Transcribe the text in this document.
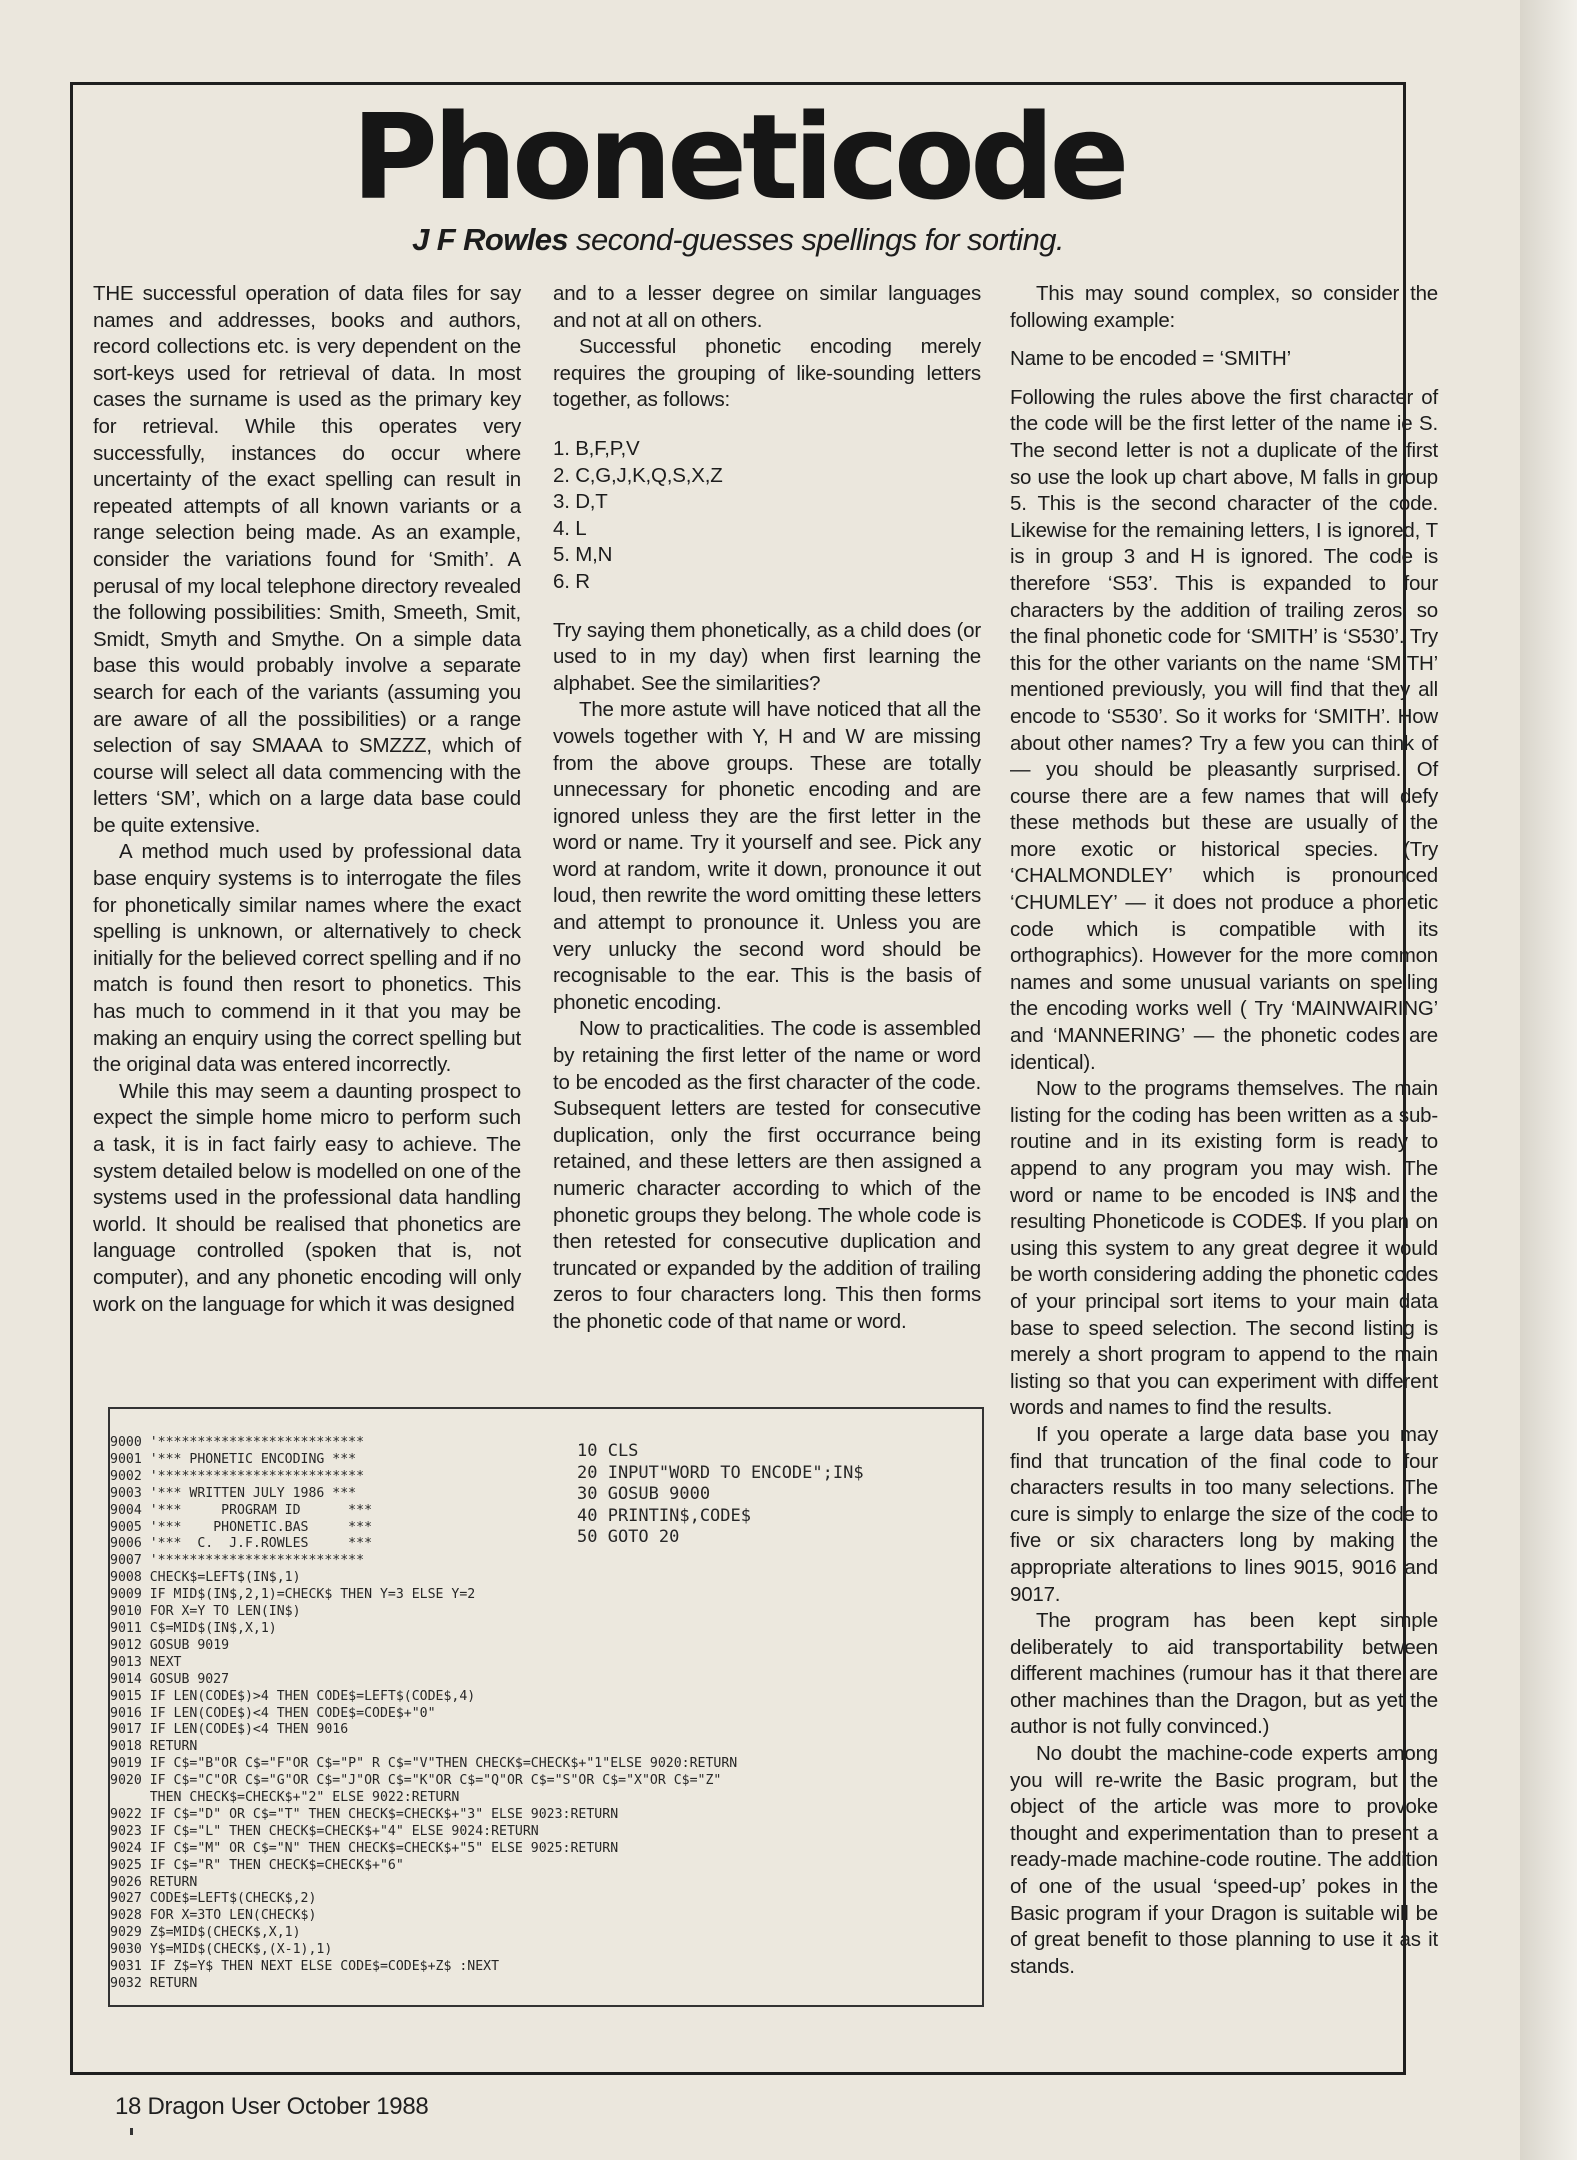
Phoneticode

J F Rowles second-guesses spellings for sorting.

THE successful operation of data files for say names and addresses, books and authors, record collections etc. is very dependent on the sort-keys used for retrieval of data. In most cases the surname is used as the primary key for retrieval. While this operates very successfully, instances do occur where uncertainty of the exact spelling can result in repeated attempts of all known variants or a range selection being made. As an example, consider the variations found for ‘Smith’. A perusal of my local telephone directory revealed the following possibilities: Smith, Smeeth, Smit, Smidt, Smyth and Smythe. On a simple data base this would probably involve a separate search for each of the variants (assuming you are aware of all the possibilities) or a range selection of say SMAAA to SMZZZ, which of course will select all data commencing with the letters ‘SM’, which on a large data base could be quite extensive.

A method much used by professional data base enquiry systems is to interrogate the files for phonetically similar names where the exact spelling is unknown, or alternatively to check initially for the believed correct spelling and if no match is found then resort to phonetics. This has much to commend in it that you may be making an enquiry using the correct spelling but the original data was entered incorrectly.

While this may seem a daunting prospect to expect the simple home micro to perform such a task, it is in fact fairly easy to achieve. The system detailed below is modelled on one of the systems used in the professional data handling world. It should be realised that phonetics are language controlled (spoken that is, not computer), and any phonetic encoding will only work on the language for which it was designed

and to a lesser degree on similar languages and not at all on others.

Successful phonetic encoding merely requires the grouping of like-sounding letters together, as follows:

1. B,F,P,V
2. C,G,J,K,Q,S,X,Z
3. D,T
4. L
5. M,N
6. R

Try saying them phonetically, as a child does (or used to in my day) when first learning the alphabet. See the similarities?

The more astute will have noticed that all the vowels together with Y, H and W are missing from the above groups. These are totally unnecessary for phonetic encoding and are ignored unless they are the first letter in the word or name. Try it yourself and see. Pick any word at random, write it down, pronounce it out loud, then rewrite the word omitting these letters and attempt to pronounce it. Unless you are very unlucky the second word should be recognisable to the ear. This is the basis of phonetic encoding.

Now to practicalities. The code is assembled by retaining the first letter of the name or word to be encoded as the first character of the code. Subsequent letters are tested for consecutive duplication, only the first occurrance being retained, and these letters are then assigned a numeric character according to which of the phonetic groups they belong. The whole code is then retested for consecutive duplication and truncated or expanded by the addition of trailing zeros to four characters long. This then forms the phonetic code of that name or word.

This may sound complex, so consider the following example:

Name to be encoded = ‘SMITH’

Following the rules above the first character of the code will be the first letter of the name ie S. The second letter is not a duplicate of the first so use the look up chart above, M falls in group 5. This is the second character of the code. Likewise for the remaining letters, I is ignored, T is in group 3 and H is ignored. The code is therefore ‘S53’. This is expanded to four characters by the addition of trailing zeros, so the final phonetic code for ‘SMITH’ is ‘S530’. Try this for the other variants on the name ‘SMITH’ mentioned previously, you will find that they all encode to ‘S530’. So it works for ‘SMITH’. How about other names? Try a few you can think of — you should be pleasantly surprised. Of course there are a few names that will defy these methods but these are usually of the more exotic or historical species. (Try ‘CHALMONDLEY’ which is pronounced ‘CHUMLEY’ — it does not produce a phonetic code which is compatible with its orthographics). However for the more common names and some unusual variants on spelling the encoding works well ( Try ‘MAINWAIRING’ and ‘MANNERING’ — the phonetic codes are identical).

Now to the programs themselves. The main listing for the coding has been written as a sub-routine and in its existing form is ready to append to any program you may wish. The word or name to be encoded is IN$ and the resulting Phoneticode is CODE$. If you plan on using this system to any great degree it would be worth considering adding the phonetic codes of your principal sort items to your main data base to speed selection. The second listing is merely a short program to append to the main listing so that you can experiment with different words and names to find the results.

If you operate a large data base you may find that truncation of the final code to four characters results in too many selections. The cure is simply to enlarge the size of the code to five or six characters long by making the appropriate alterations to lines 9015, 9016 and 9017.

The program has been kept simple deliberately to aid transportability between different machines (rumour has it that there are other machines than the Dragon, but as yet the author is not fully convinced.)

No doubt the machine-code experts among you will re-write the Basic program, but the object of the article was more to provoke thought and experimentation than to present a ready-made machine-code routine. The addition of one of the usual ‘speed-up’ pokes in the Basic program if your Dragon is suitable will be of great benefit to those planning to use it as it stands.

9000 '**************************
9001 '*** PHONETIC ENCODING ***
9002 '**************************
9003 '*** WRITTEN JULY 1986 ***
9004 '***     PROGRAM ID      ***
9005 '***    PHONETIC.BAS     ***
9006 '***  C.  J.F.ROWLES     ***
9007 '**************************
9008 CHECK$=LEFT$(IN$,1)
9009 IF MID$(IN$,2,1)=CHECK$ THEN Y=3 ELSE Y=2
9010 FOR X=Y TO LEN(IN$)
9011 C$=MID$(IN$,X,1)
9012 GOSUB 9019
9013 NEXT
9014 GOSUB 9027
9015 IF LEN(CODE$)>4 THEN CODE$=LEFT$(CODE$,4)
9016 IF LEN(CODE$)<4 THEN CODE$=CODE$+"0"
9017 IF LEN(CODE$)<4 THEN 9016
9018 RETURN
9019 IF C$="B"OR C$="F"OR C$="P" R C$="V"THEN CHECK$=CHECK$+"1"ELSE 9020:RETURN
9020 IF C$="C"OR C$="G"OR C$="J"OR C$="K"OR C$="Q"OR C$="S"OR C$="X"OR C$="Z"
THEN CHECK$=CHECK$+"2" ELSE 9022:RETURN
9022 IF C$="D" OR C$="T" THEN CHECK$=CHECK$+"3" ELSE 9023:RETURN
9023 IF C$="L" THEN CHECK$=CHECK$+"4" ELSE 9024:RETURN
9024 IF C$="M" OR C$="N" THEN CHECK$=CHECK$+"5" ELSE 9025:RETURN
9025 IF C$="R" THEN CHECK$=CHECK$+"6"
9026 RETURN
9027 CODE$=LEFT$(CHECK$,2)
9028 FOR X=3TO LEN(CHECK$)
9029 Z$=MID$(CHECK$,X,1)
9030 Y$=MID$(CHECK$,(X-1),1)
9031 IF Z$=Y$ THEN NEXT ELSE CODE$=CODE$+Z$ :NEXT
9032 RETURN
10 CLS
20 INPUT"WORD TO ENCODE";IN$
30 GOSUB 9000
40 PRINTIN$,CODE$
50 GOTO 20

18 Dragon User October 1988
